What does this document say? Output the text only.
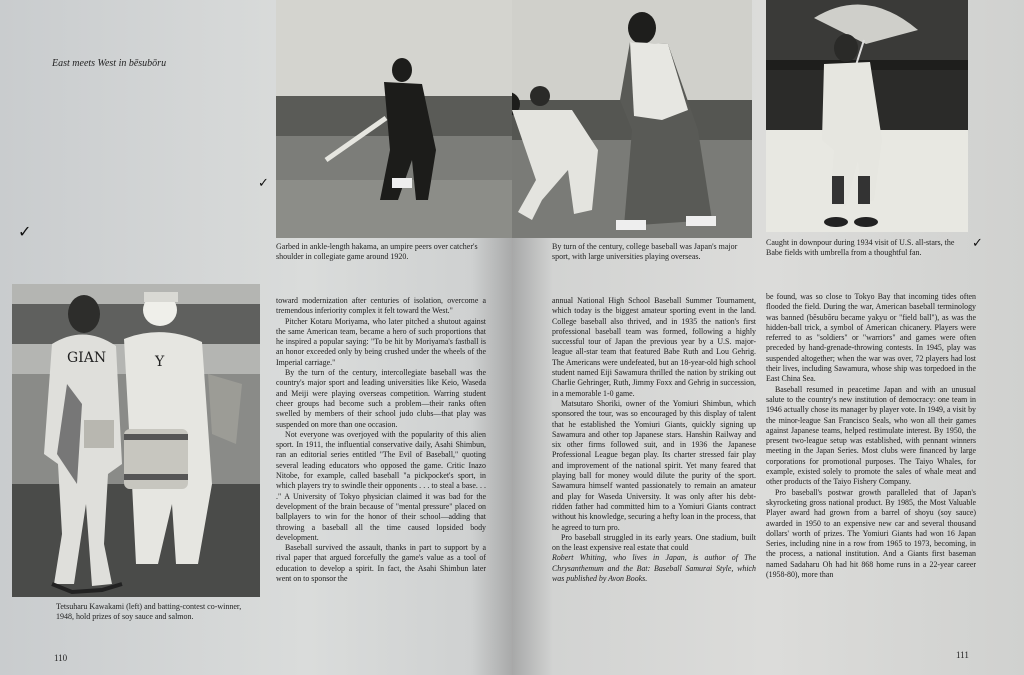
East meets West in bēsubōru
✓
✓
GIAN	Y
Tetsuharu Kawakami (left) and batting-contest co-winner, 1948, hold prizes of soy sauce and salmon.
Garbed in ankle-length hakama, an umpire peers over catcher's shoulder in collegiate game around 1920.

toward modernization after centuries of isolation, overcome a tremendous inferiority complex it felt toward the West."

Pitcher Kotaru Moriyama, who later pitched a shutout against the same American team, became a hero of such proportions that he inspired a popular saying: "To be hit by Moriyama's fastball is an honor exceeded only by being crushed under the wheels of the Imperial carriage."

By the turn of the century, intercollegiate baseball was the country's major sport and leading universities like Keio, Waseda and Meiji were playing overseas competition. Warring student cheer groups had become such a problem—their ranks often swelled by members of their school judo clubs—that play was suspended on more than one occasion.

Not everyone was overjoyed with the popularity of this alien sport. In 1911, the influential conservative daily, Asahi Shimbun, ran an editorial series entitled "The Evil of Baseball," quoting several leading educators who opposed the game. Critic Inazo Nitobe, for example, called baseball "a pickpocket's sport, in which players try to swindle their opponents . . . to steal a base. . . ." A University of Tokyo physician claimed it was bad for the development of the brain because of "mental pressure" placed on ballplayers to win for the honor of their school—adding that throwing a baseball all the time caused lopsided body development.

Baseball survived the assault, thanks in part to support by a rival paper that argued forcefully the game's value as a tool of education to develop a spirit. In fact, the Asahi Shimbun later went on to sponsor the

110
By turn of the century, college baseball was Japan's major sport, with large universities playing overseas.
Caught in downpour during 1934 visit of U.S. all-stars, the Babe fields with umbrella from a thoughtful fan.
✓

annual National High School Baseball Summer Tournament, which today is the biggest amateur sporting event in the land. College baseball also thrived, and in 1935 the nation's first professional baseball team was formed, following a highly successful tour of Japan the previous year by a U.S. major-league all-star team that featured Babe Ruth and Lou Gehrig. The Americans were undefeated, but an 18-year-old high school student named Eiji Sawamura thrilled the nation by striking out Charlie Gehringer, Ruth, Jimmy Foxx and Gehrig in succession, in a memorable 1-0 game.

Matsutaro Shoriki, owner of the Yomiuri Shimbun, which sponsored the tour, was so encouraged by this display of talent that he established the Yomiuri Giants, quickly signing up Sawamura and other top Japanese stars. Hanshin Railway and six other firms followed suit, and in 1936 the Japanese Professional League began play. Its charter stressed fair play and improvement of the national spirit. Yet many feared that playing ball for money would dilute the purity of the sport. Sawamura himself wanted passionately to remain an amateur and play for Waseda University. It was only after his debt-ridden father had committed him to a Yomiuri Giants contract without his knowledge, securing a hefty loan in the process, that he agreed to turn pro.

Pro baseball struggled in its early years. One stadium, built on the least expensive real estate that could

Robert Whiting, who lives in Japan, is author of The Chrysanthemum and the Bat: Baseball Samurai Style, which was published by Avon Books.

be found, was so close to Tokyo Bay that incoming tides often flooded the field. During the war, American baseball terminology was banned (bēsubōru became yakyu or "field ball"), as was the hidden-ball trick, a symbol of American chicanery. Players were referred to as "soldiers" or "warriors" and games were often preceded by hand-grenade-throwing contests. In 1945, play was suspended altogether; when the war was over, 72 players had lost their lives, including Sawamura, whose ship was torpedoed in the East China Sea.

Baseball resumed in peacetime Japan and with an unusual salute to the country's new institution of democracy: one team in 1946 actually chose its manager by player vote. In 1949, a visit by the minor-league San Francisco Seals, who won all their games against Japanese teams, helped restimulate interest. By 1950, the present two-league setup was established, with pennant winners meeting in the Japan Series. Most clubs were financed by large corporations for promotional purposes. The Taiyo Whales, for example, existed solely to promote the sales of whale meat and other products of the Taiyo Fishery Company.

Pro baseball's postwar growth paralleled that of Japan's skyrocketing gross national product. By 1985, the Most Valuable Player award had grown from a barrel of shoyu (soy sauce) awarded in 1950 to an expensive new car and several thousand dollars' worth of prizes. The Yomiuri Giants had won 16 Japan Series, including nine in a row from 1965 to 1973, becoming, in the process, a national institution. And a Giants first baseman named Sadaharu Oh had hit 868 home runs in a 22-year career (1958-80), more than

111
